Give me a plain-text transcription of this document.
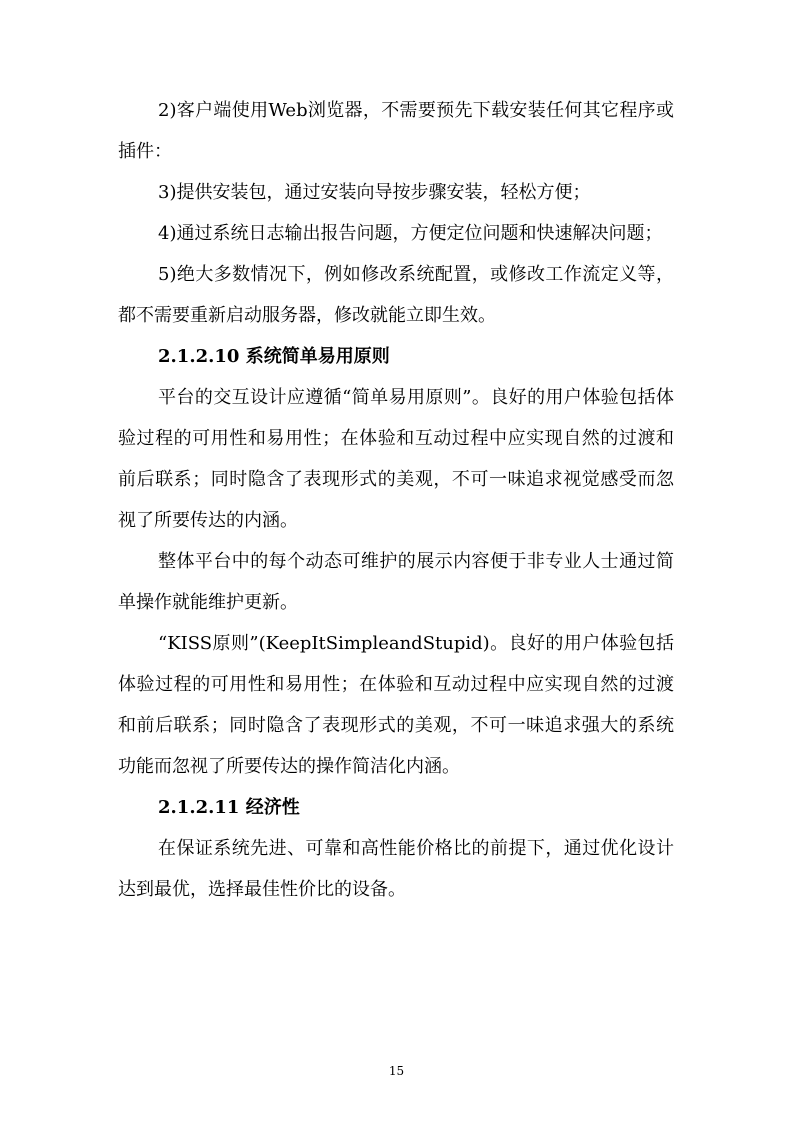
2)客户端使用Web浏览器，不需要预先下载安装任何其它程序或插件：

3)提供安装包，通过安装向导按步骤安装，轻松方便；

4)通过系统日志输出报告问题，方便定位问题和快速解决问题；

5)绝大多数情况下，例如修改系统配置，或修改工作流定义等，都不需要重新启动服务器，修改就能立即生效。

2.1.2.10 系统简单易用原则

平台的交互设计应遵循“简单易用原则”。良好的用户体验包括体验过程的可用性和易用性；在体验和互动过程中应实现自然的过渡和前后联系；同时隐含了表现形式的美观，不可一味追求视觉感受而忽视了所要传达的内涵。

整体平台中的每个动态可维护的展示内容便于非专业人士通过简单操作就能维护更新。

“KISS原则”(KeepItSimpleandStupid)。良好的用户体验包括体验过程的可用性和易用性；在体验和互动过程中应实现自然的过渡和前后联系；同时隐含了表现形式的美观，不可一味追求强大的系统功能而忽视了所要传达的操作简洁化内涵。

2.1.2.11 经济性

在保证系统先进、可靠和高性能价格比的前提下，通过优化设计达到最优，选择最佳性价比的设备。

15
